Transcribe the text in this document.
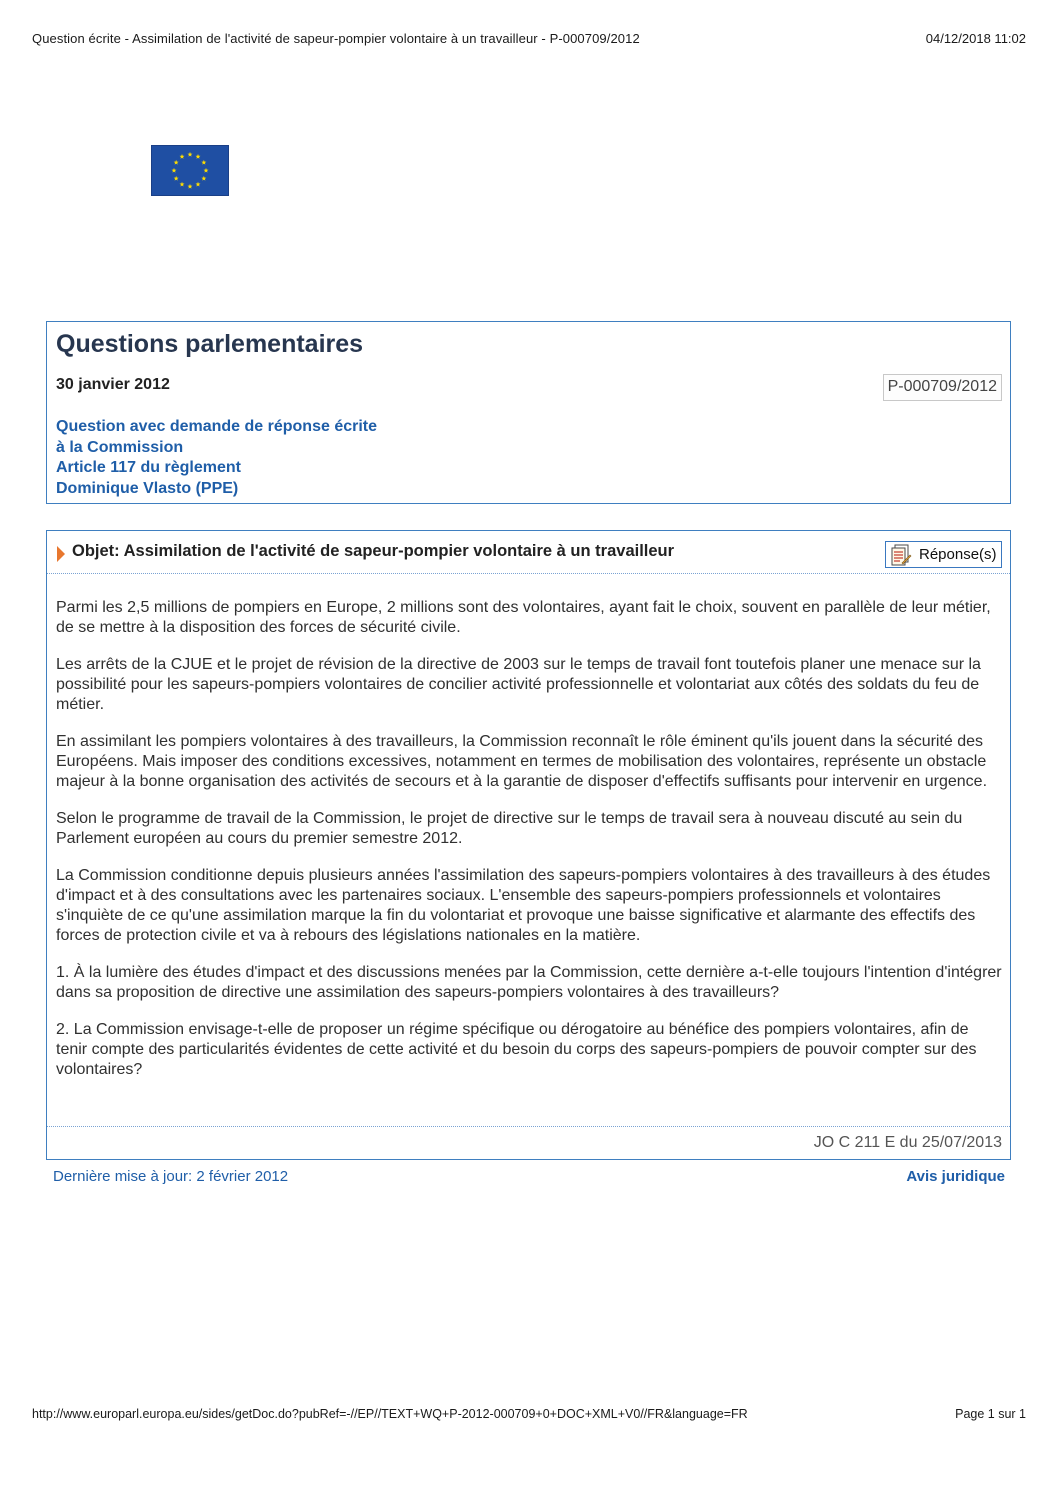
Question écrite - Assimilation de l'activité de sapeur-pompier volontaire à un travailleur - P-000709/2012	04/12/2018 11:02
Questions parlementaires
30 janvier 2012	P-000709/2012
Question avec demande de réponse écrite
à la Commission
Article 117 du règlement
Dominique Vlasto (PPE)
Objet: Assimilation de l'activité de sapeur-pompier volontaire à un travailleur	Réponse(s)

Parmi les 2,5 millions de pompiers en Europe, 2 millions sont des volontaires, ayant fait le choix, souvent en parallèle de leur métier, de se mettre à la disposition des forces de sécurité civile.

Les arrêts de la CJUE et le projet de révision de la directive de 2003 sur le temps de travail font toutefois planer une menace sur la possibilité pour les sapeurs-pompiers volontaires de concilier activité professionnelle et volontariat aux côtés des soldats du feu de métier.

En assimilant les pompiers volontaires à des travailleurs, la Commission reconnaît le rôle éminent qu'ils jouent dans la sécurité des Européens. Mais imposer des conditions excessives, notamment en termes de mobilisation des volontaires, représente un obstacle majeur à la bonne organisation des activités de secours et à la garantie de disposer d'effectifs suffisants pour intervenir en urgence.

Selon le programme de travail de la Commission, le projet de directive sur le temps de travail sera à nouveau discuté au sein du Parlement européen au cours du premier semestre 2012.

La Commission conditionne depuis plusieurs années l'assimilation des sapeurs-pompiers volontaires à des travailleurs à des études d'impact et à des consultations avec les partenaires sociaux. L'ensemble des sapeurs-pompiers professionnels et volontaires s'inquiète de ce qu'une assimilation marque la fin du volontariat et provoque une baisse significative et alarmante des effectifs des forces de protection civile et va à rebours des législations nationales en la matière.

1. À la lumière des études d'impact et des discussions menées par la Commission, cette dernière a-t-elle toujours l'intention d'intégrer dans sa proposition de directive une assimilation des sapeurs-pompiers volontaires à des travailleurs?

2. La Commission envisage-t-elle de proposer un régime spécifique ou dérogatoire au bénéfice des pompiers volontaires, afin de tenir compte des particularités évidentes de cette activité et du besoin du corps des sapeurs-pompiers de pouvoir compter sur des volontaires?

JO C 211 E du 25/07/2013
Dernière mise à jour: 2 février 2012	Avis juridique
http://www.europarl.europa.eu/sides/getDoc.do?pubRef=-//EP//TEXT+WQ+P-2012-000709+0+DOC+XML+V0//FR&language=FR	Page 1 sur 1
